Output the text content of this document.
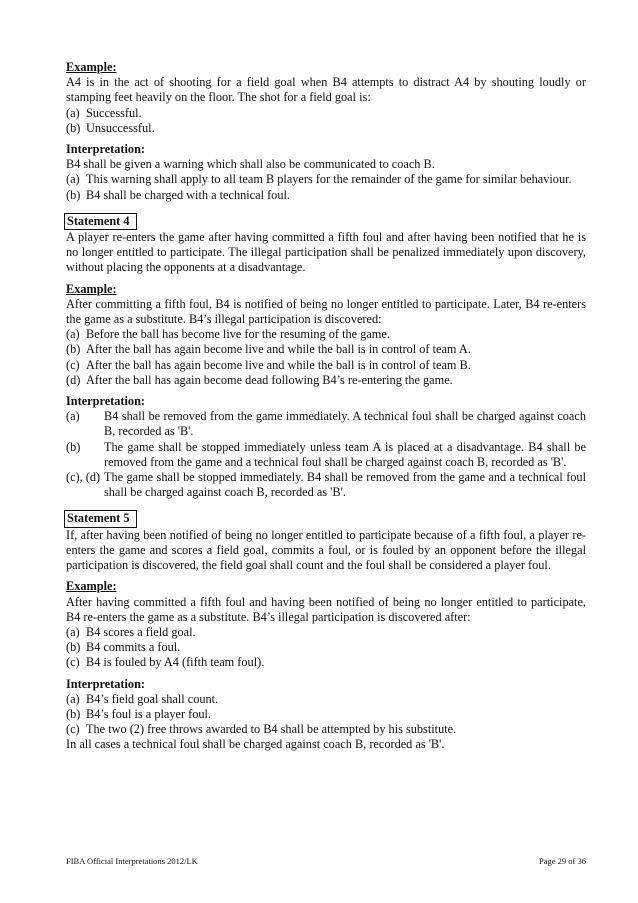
Example:

A4 is in the act of shooting for a field goal when B4 attempts to distract A4 by shouting loudly or stamping feet heavily on the floor. The shot for a field goal is:

(a) Successful.
(b) Unsuccessful.
Interpretation:

B4 shall be given a warning which shall also be communicated to coach B.

(a) This warning shall apply to all team B players for the remainder of the game for similar behaviour.
(b) B4 shall be charged with a technical foul.
Statement 4

A player re-enters the game after having committed a fifth foul and after having been notified that he is no longer entitled to participate. The illegal participation shall be penalized immediately upon discovery, without placing the opponents at a disadvantage.

Example:

After committing a fifth foul, B4 is notified of being no longer entitled to participate. Later, B4 re-enters the game as a substitute. B4’s illegal participation is discovered:

(a) Before the ball has become live for the resuming of the game.
(b) After the ball has again become live and while the ball is in control of team A.
(c) After the ball has again become live and while the ball is in control of team B.
(d) After the ball has again become dead following B4’s re-entering the game.
Interpretation:
(a) B4 shall be removed from the game immediately. A technical foul shall be charged against coach B, recorded as 'B'.
(b) The game shall be stopped immediately unless team A is placed at a disadvantage. B4 shall be removed from the game and a technical foul shall be charged against coach B, recorded as 'B'.
(c), (d) The game shall be stopped immediately. B4 shall be removed from the game and a technical foul shall be charged against coach B, recorded as 'B'.
Statement 5

If, after having been notified of being no longer entitled to participate because of a fifth foul, a player re-enters the game and scores a field goal, commits a foul, or is fouled by an opponent before the illegal participation is discovered, the field goal shall count and the foul shall be considered a player foul.

Example:

After having committed a fifth foul and having been notified of being no longer entitled to participate, B4 re-enters the game as a substitute. B4’s illegal participation is discovered after:

(a) B4 scores a field goal.
(b) B4 commits a foul.
(c) B4 is fouled by A4 (fifth team foul).
Interpretation:
(a) B4’s field goal shall count.
(b) B4’s foul is a player foul.
(c) The two (2) free throws awarded to B4 shall be attempted by his substitute.

In all cases a technical foul shall be charged against coach B, recorded as 'B'.

FIBA Official Interpretations 2012/LK	Page 29 of 36
